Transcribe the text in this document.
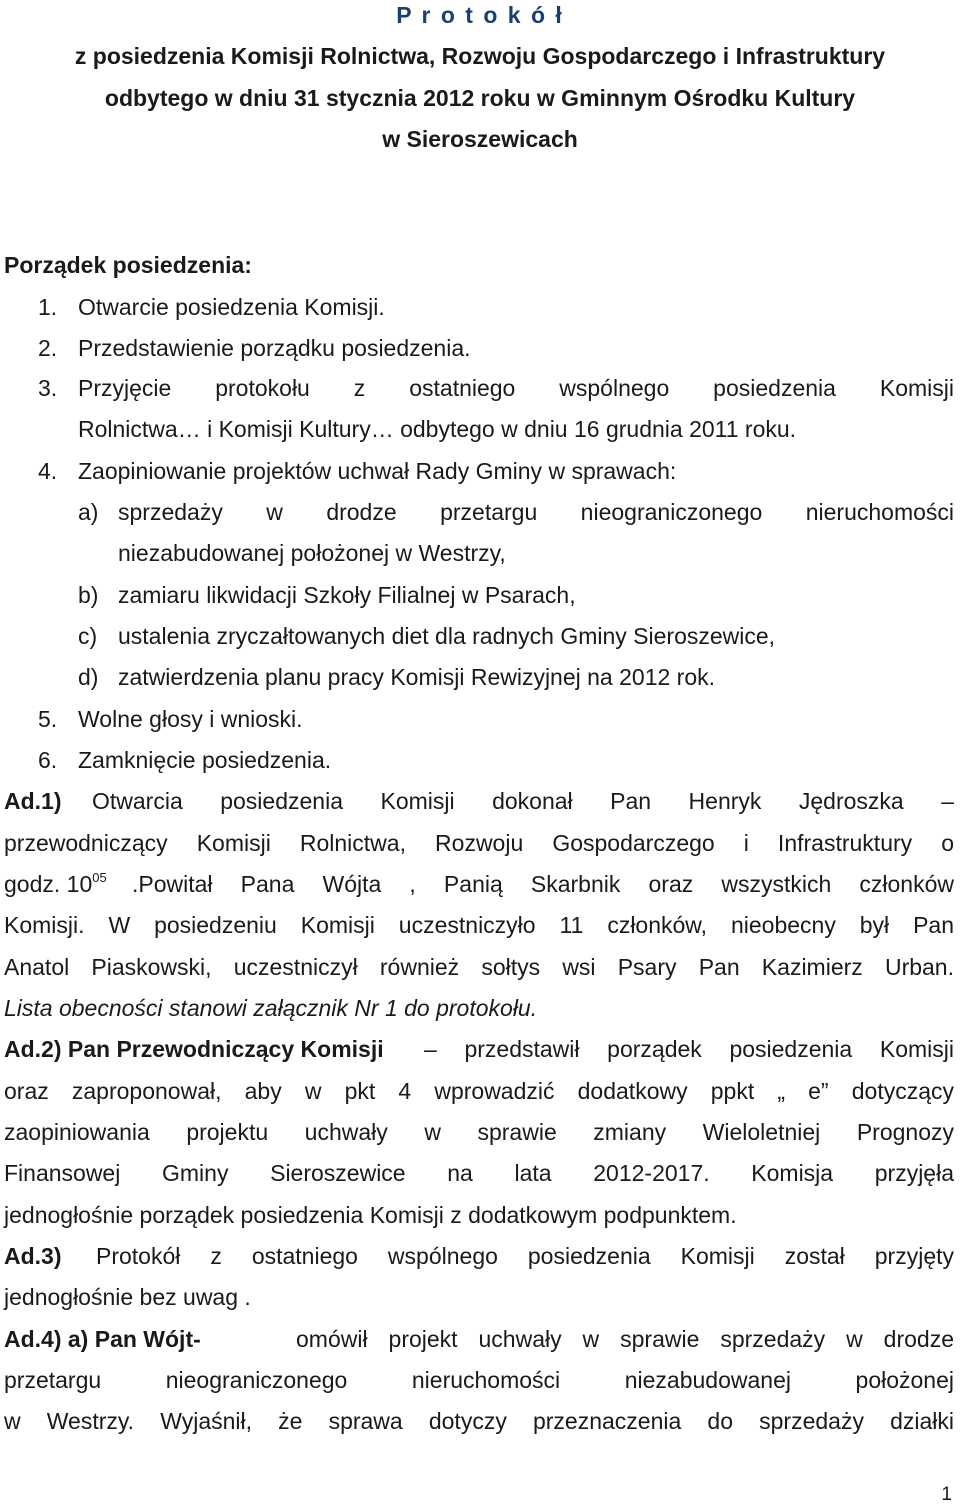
P r o t o k ó ł
z posiedzenia Komisji Rolnictwa, Rozwoju Gospodarczego i Infrastruktury
odbytego w dniu 31 stycznia 2012 roku w Gminnym Ośrodku Kultury
w Sieroszewicach
Porządek posiedzenia:
1. Otwarcie posiedzenia Komisji.
2. Przedstawienie porządku posiedzenia.
3. Przyjęcie protokołu z ostatniego wspólnego posiedzenia Komisji
Rolnictwa… i Komisji Kultury… odbytego w dniu 16 grudnia 2011 roku.
4. Zaopiniowanie projektów uchwał Rady Gminy w sprawach:
a) sprzedaży w drodze przetargu nieograniczonego nieruchomości
niezabudowanej położonej w Westrzy,
b) zamiaru likwidacji Szkoły Filialnej w Psarach,
c) ustalenia zryczałtowanych diet dla radnych Gminy Sieroszewice,
d) zatwierdzenia planu pracy Komisji Rewizyjnej na 2012 rok.
5. Wolne głosy i wnioski.
6. Zamknięcie posiedzenia.
Ad.1) Otwarcia posiedzenia Komisji dokonał Pan Henryk Jędroszka –
przewodniczący Komisji Rolnictwa, Rozwoju Gospodarczego i Infrastruktury o
godz. $10^{05}$ .Powitał Pana Wójta , Panią Skarbnik oraz wszystkich członków
Komisji. W posiedzeniu Komisji uczestniczyło 11 członków, nieobecny był Pan
Anatol Piaskowski, uczestniczył również sołtys wsi Psary Pan Kazimierz Urban.
Lista obecności stanowi załącznik Nr 1 do protokołu.
Ad.2) Pan Przewodniczący Komisji – przedstawił porządek posiedzenia Komisji
oraz zaproponował, aby w pkt 4 wprowadzić dodatkowy ppkt „ e” dotyczący
zaopiniowania projektu uchwały w sprawie zmiany Wieloletniej Prognozy
Finansowej Gminy Sieroszewice na lata 2012-2017. Komisja przyjęła
jednogłośnie porządek posiedzenia Komisji z dodatkowym podpunktem.
Ad.3) Protokół z ostatniego wspólnego posiedzenia Komisji został przyjęty
jednogłośnie bez uwag .
Ad.4) a) Pan Wójt-	omówił projekt uchwały w sprawie sprzedaży w drodze
przetargu nieograniczonego nieruchomości niezabudowanej położonej
w Westrzy. Wyjaśnił, że sprawa dotyczy przeznaczenia do sprzedaży działki
1
